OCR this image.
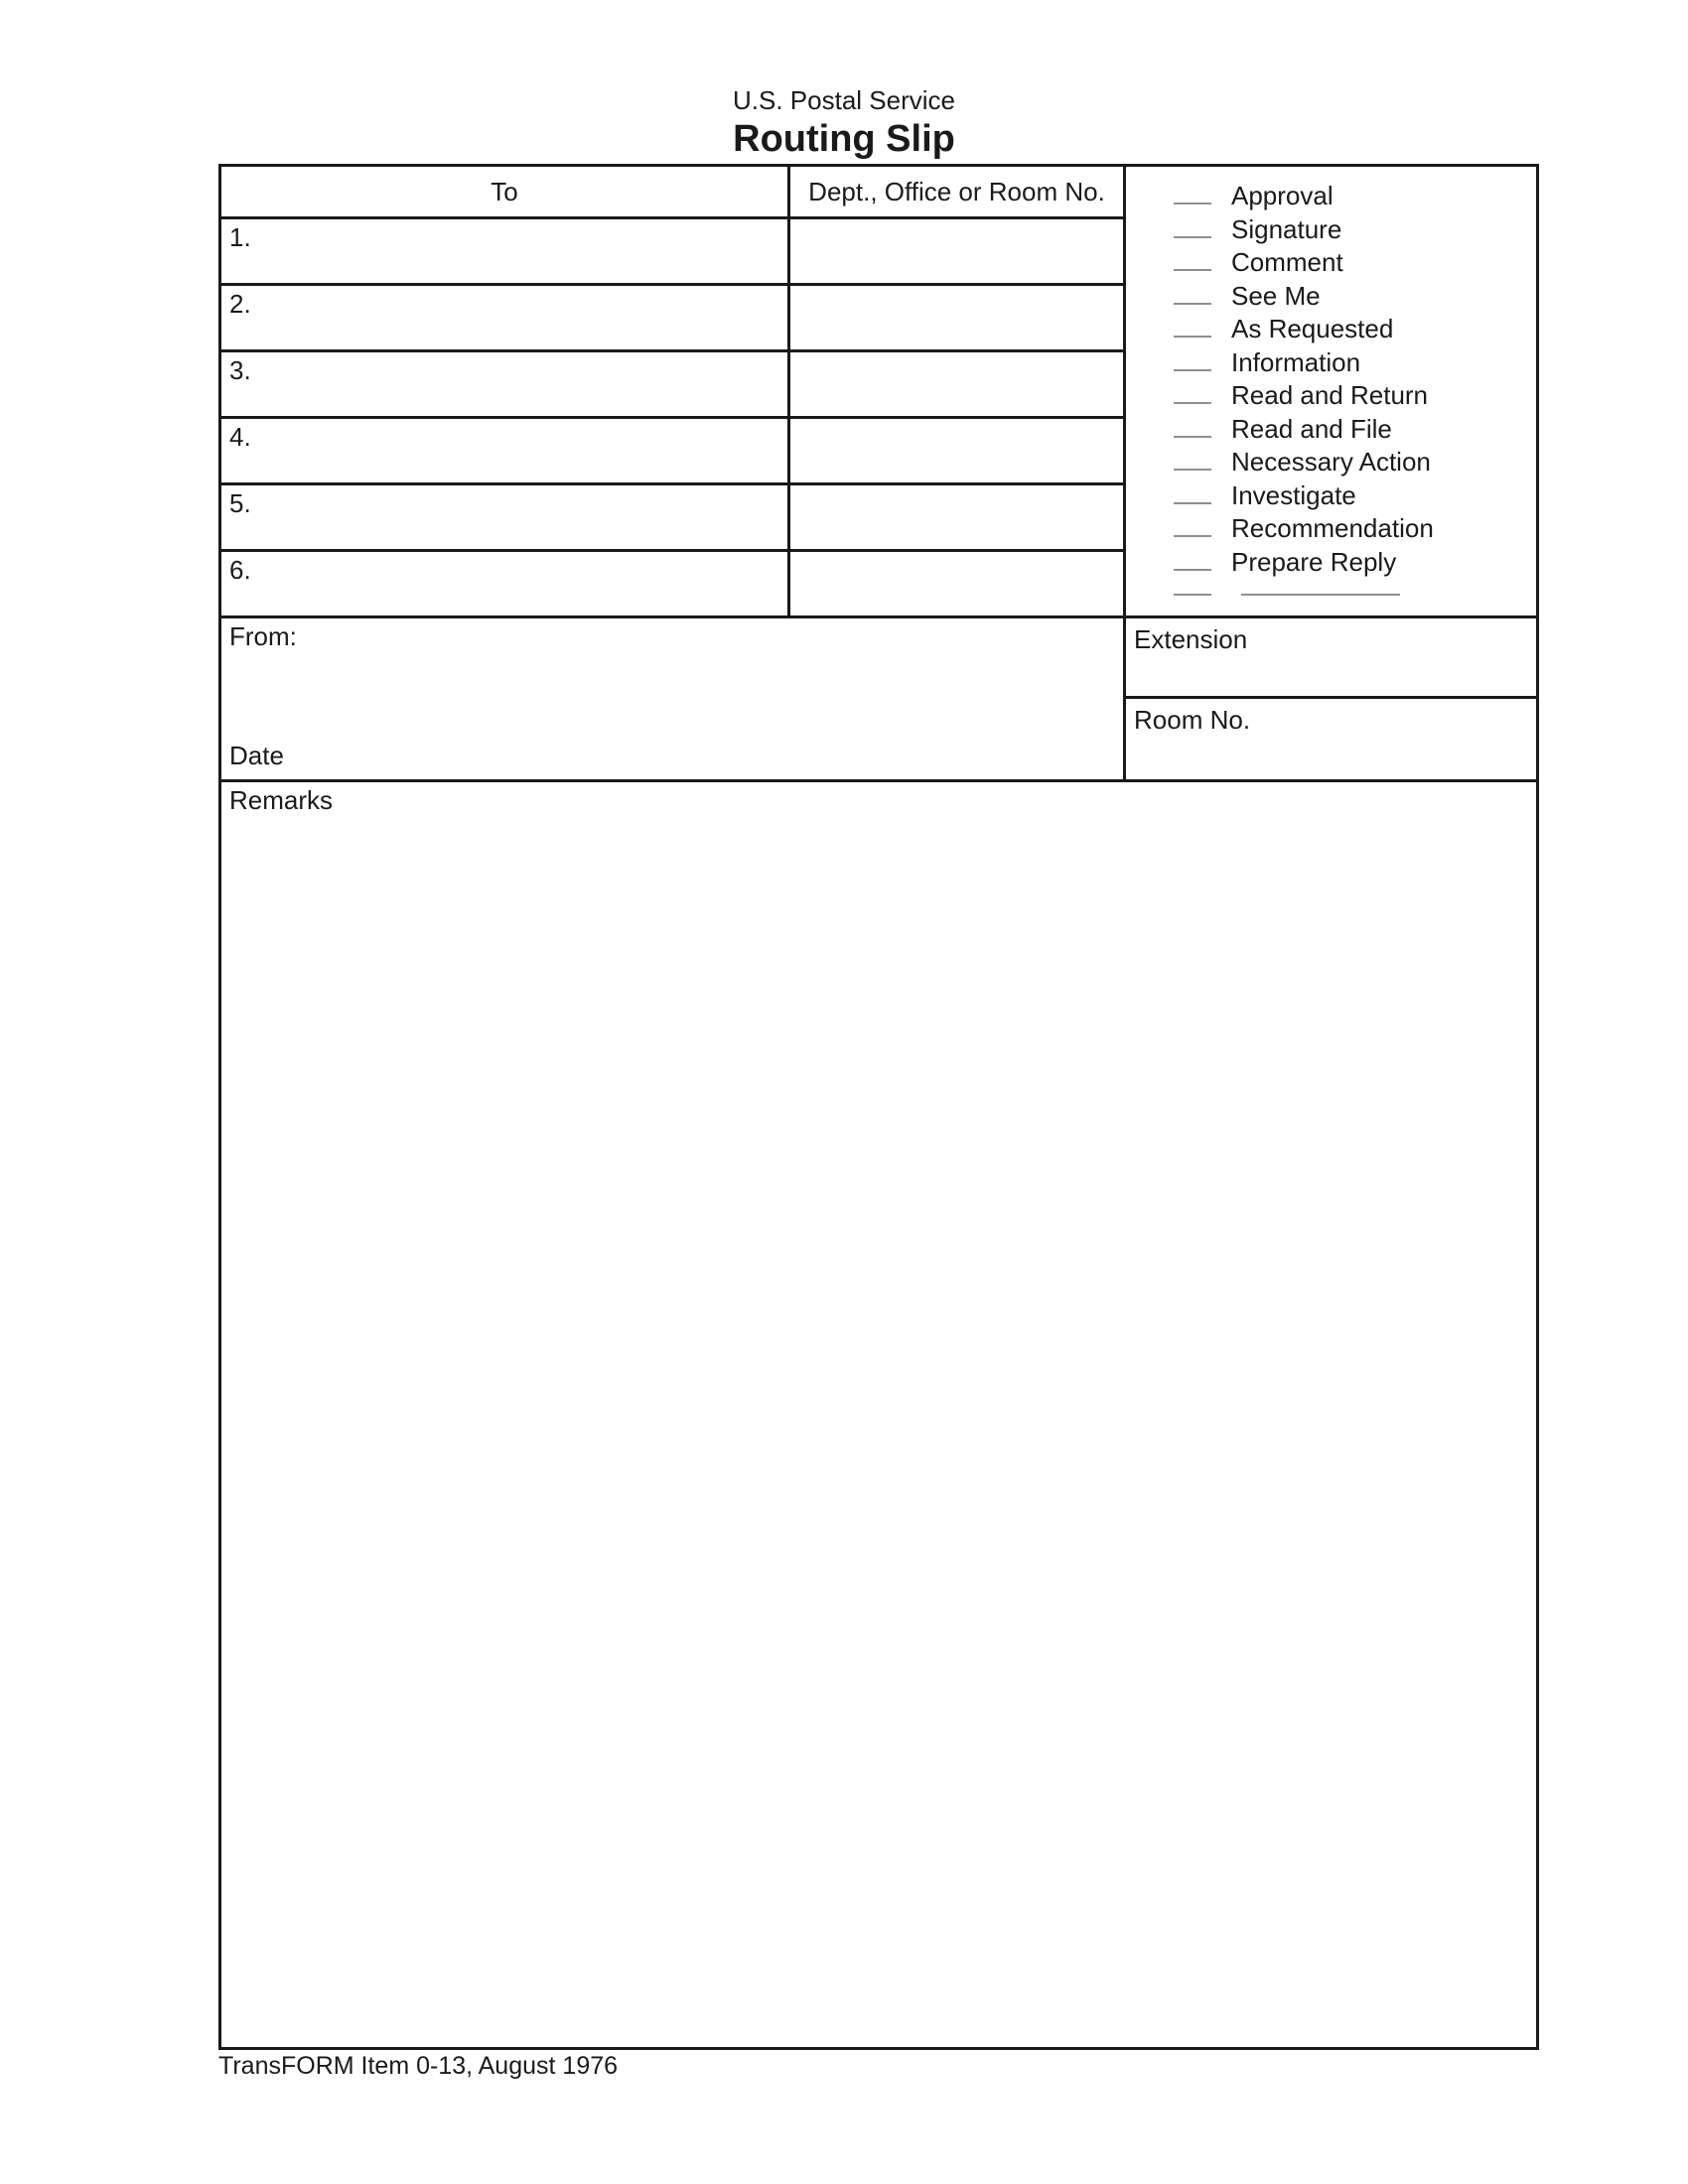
U.S. Postal Service
Routing Slip
To	Dept., Office or Room No.
1.
2.
3.
4.
5.
6.
From:
Date
Approval
Signature
Comment
See Me
As Requested
Information
Read and Return
Read and File
Necessary Action
Investigate
Recommendation
Prepare Reply
Extension
Room No.
Remarks
TransFORM Item 0-13, August 1976
